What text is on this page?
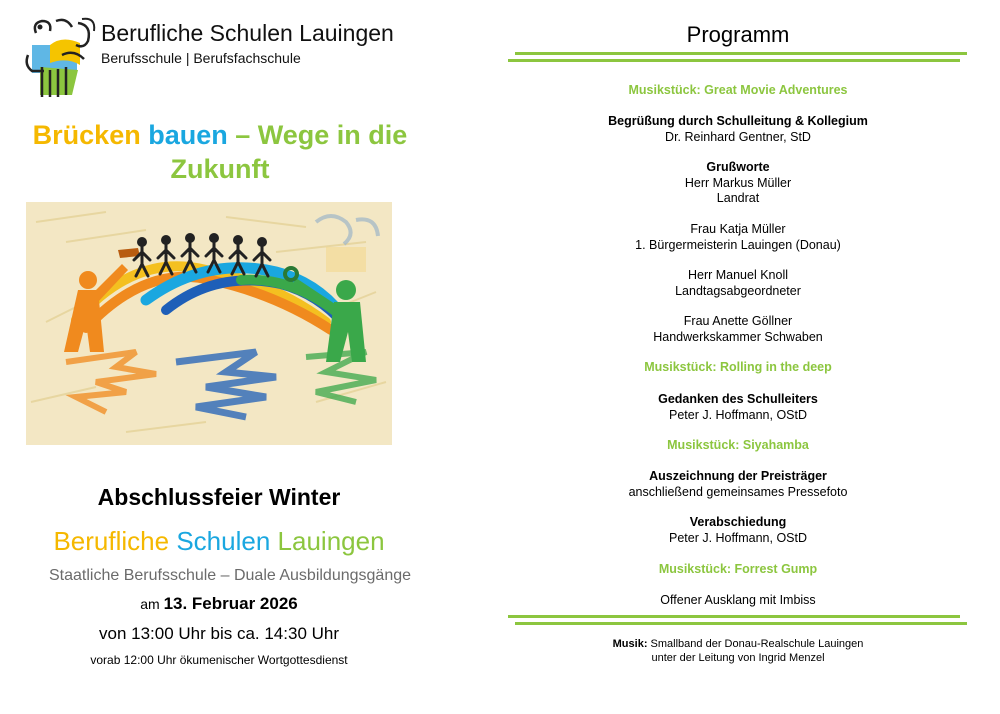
Berufliche Schulen Lauingen
Berufsschule | Berufsfachschule
Brücken bauen – Wege in die
Zukunft
Abschlussfeier Winter
Berufliche Schulen Lauingen
Staatliche Berufsschule – Duale Ausbildungsgänge
am 13. Februar 2026
von 13:00 Uhr bis ca. 14:30 Uhr
vorab 12:00 Uhr ökumenischer Wortgottesdienst
Programm
Musikstück: Great Movie Adventures
Begrüßung durch Schulleitung & Kollegium
Dr. Reinhard Gentner, StD
Grußworte
Herr Markus Müller
Landrat
Frau Katja Müller
1. Bürgermeisterin Lauingen (Donau)
Herr Manuel Knoll
Landtagsabgeordneter
Frau Anette Göllner
Handwerkskammer Schwaben
Musikstück: Rolling in the deep
Gedanken des Schulleiters
Peter J. Hoffmann, OStD
Musikstück: Siyahamba
Auszeichnung der Preisträger
anschließend gemeinsames Pressefoto
Verabschiedung
Peter J. Hoffmann, OStD
Musikstück: Forrest Gump
Offener Ausklang mit Imbiss
Musik: Smallband der Donau-Realschule Lauingen
unter der Leitung von Ingrid Menzel
